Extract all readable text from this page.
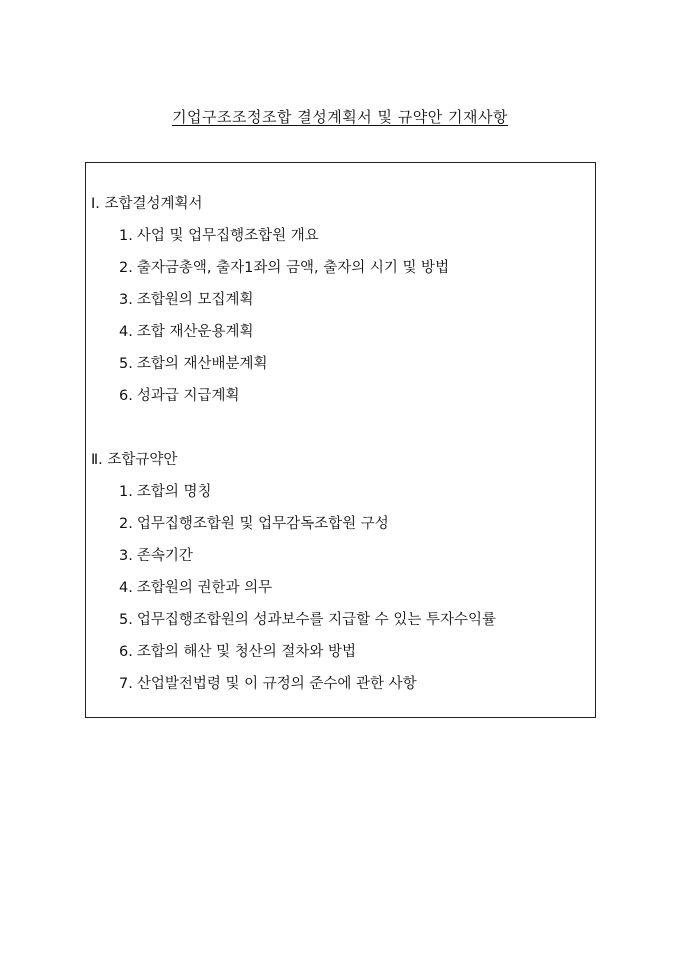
기업구조조정조합 결성계획서 및 규약안 기재사항
Ⅰ. 조합결성계획서
1. 사업 및 업무집행조합원 개요
2. 출자금총액, 출자1좌의 금액, 출자의 시기 및 방법
3. 조합원의 모집계획
4. 조합 재산운용계획
5. 조합의 재산배분계획
6. 성과급 지급계획
Ⅱ. 조합규약안
1. 조합의 명칭
2. 업무집행조합원 및 업무감독조합원 구성
3. 존속기간
4. 조합원의 권한과 의무
5. 업무집행조합원의 성과보수를 지급할 수 있는 투자수익률
6. 조합의 해산 및 청산의 절차와 방법
7. 산업발전법령 및 이 규정의 준수에 관한 사항
